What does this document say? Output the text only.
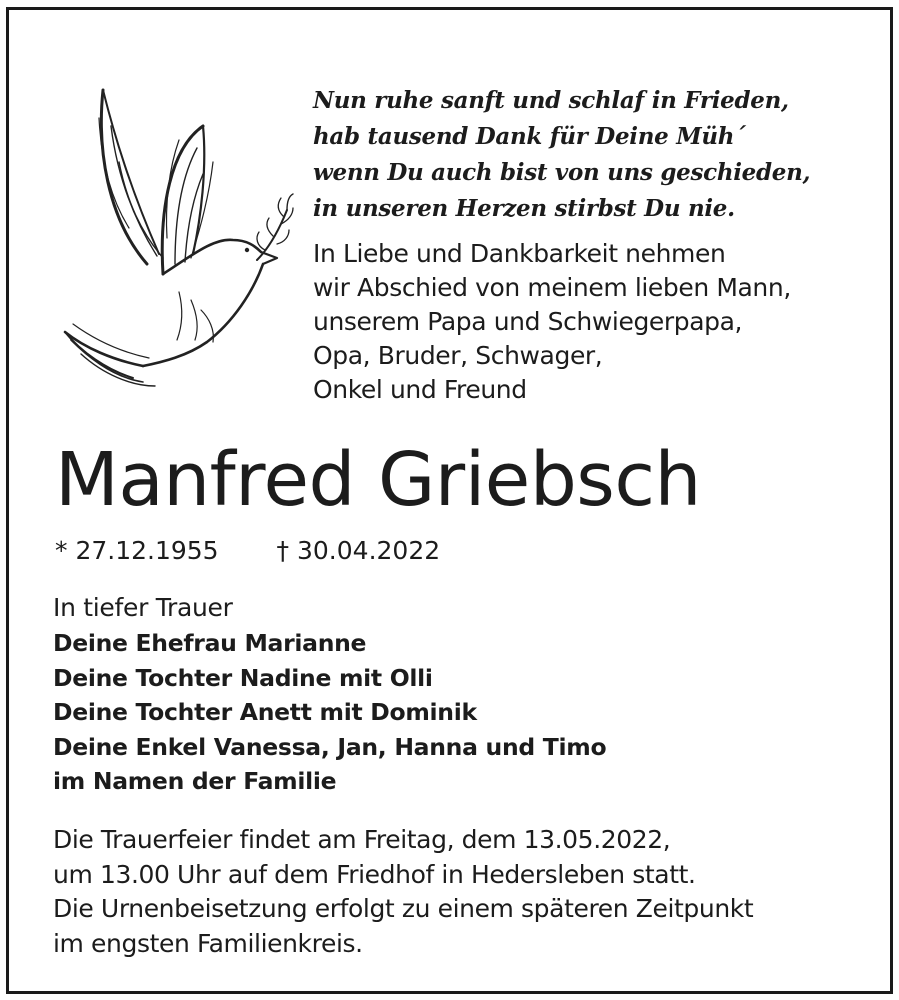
Nun ruhe sanft und schlaf in Frieden,
hab tausend Dank für Deine Müh´
wenn Du auch bist von uns geschieden,
in unseren Herzen stirbst Du nie.

In Liebe und Dankbarkeit nehmen
wir Abschied von meinem lieben Mann,
unserem Papa und Schwiegerpapa,
Opa, Bruder, Schwager,
Onkel und Freund

Manfred Griebsch
* 27.12.1955 † 30.04.2022
In tiefer Trauer
Deine Ehefrau Marianne
Deine Tochter Nadine mit Olli
Deine Tochter Anett mit Dominik
Deine Enkel Vanessa, Jan, Hanna und Timo
im Namen der Familie

Die Trauerfeier findet am Freitag, dem 13.05.2022,
um 13.00 Uhr auf dem Friedhof in Hedersleben statt.
Die Urnenbeisetzung erfolgt zu einem späteren Zeitpunkt
im engsten Familienkreis.
